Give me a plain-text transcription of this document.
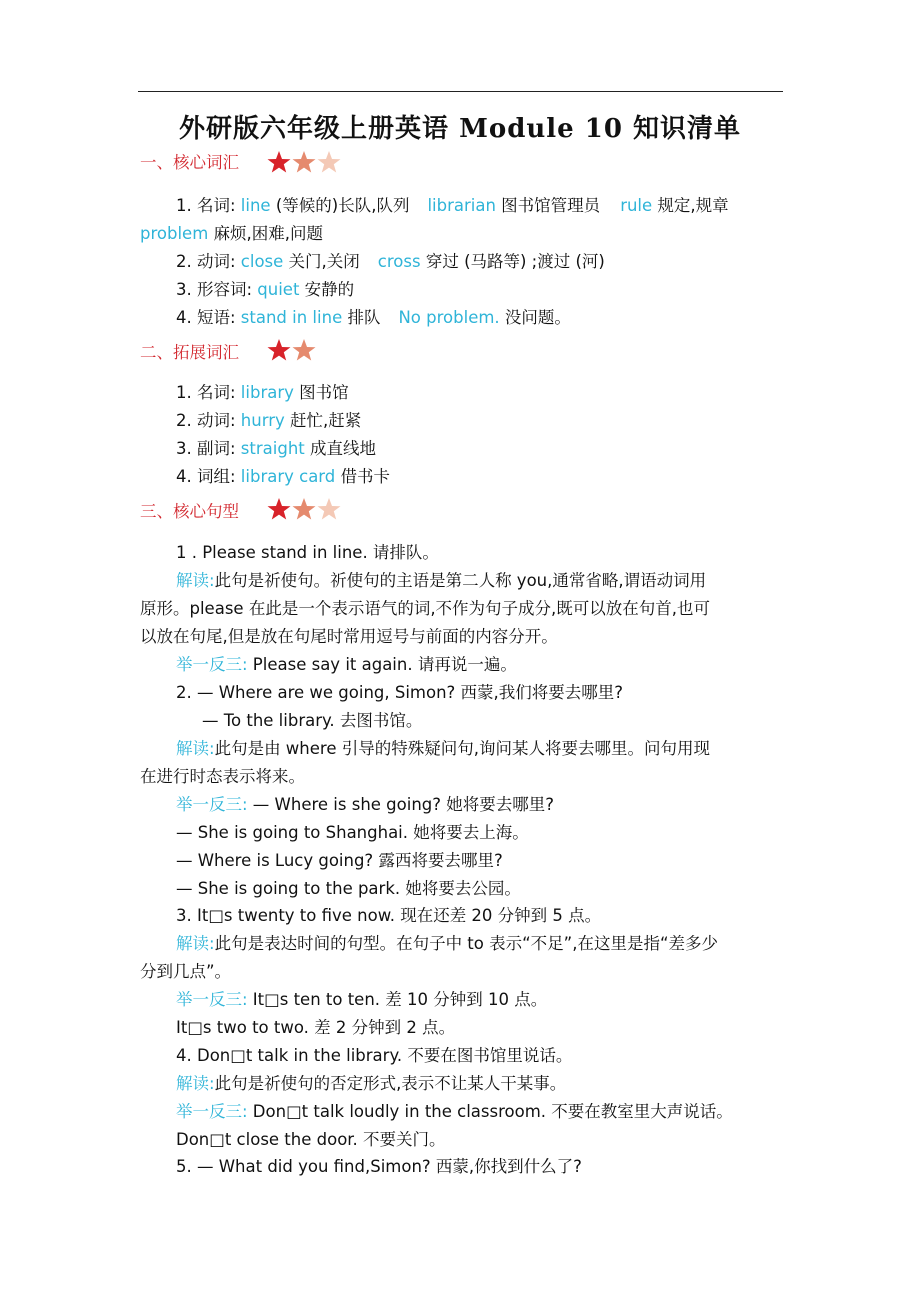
外研版六年级上册英语 Module 10 知识清单
一、核心词汇
1. 名词: line (等候的)长队,队列 librarian 图书馆管理员 rule 规定,规章
problem 麻烦,困难,问题
2. 动词: close 关门,关闭 cross 穿过 (马路等) ;渡过 (河)
3. 形容词: quiet 安静的
4. 短语: stand in line 排队 No problem. 没问题。
二、拓展词汇
1. 名词: library 图书馆
2. 动词: hurry 赶忙,赶紧
3. 副词: straight 成直线地
4. 词组: library card 借书卡
三、核心句型
1 . Please stand in line. 请排队。
解读:此句是祈使句。祈使句的主语是第二人称 you,通常省略,谓语动词用
原形。please 在此是一个表示语气的词,不作为句子成分,既可以放在句首,也可
以放在句尾,但是放在句尾时常用逗号与前面的内容分开。
举一反三: Please say it again. 请再说一遍。
2. — Where are we going, Simon? 西蒙,我们将要去哪里?
— To the library. 去图书馆。
解读:此句是由 where 引导的特殊疑问句,询问某人将要去哪里。问句用现
在进行时态表示将来。
举一反三: — Where is she going? 她将要去哪里?
— She is going to Shanghai. 她将要去上海。
— Where is Lucy going? 露西将要去哪里?
— She is going to the park. 她将要去公园。
3. It□s twenty to five now. 现在还差 20 分钟到 5 点。
解读:此句是表达时间的句型。在句子中 to 表示“不足”,在这里是指“差多少
分到几点”。
举一反三: It□s ten to ten. 差 10 分钟到 10 点。
It□s two to two. 差 2 分钟到 2 点。
4. Don□t talk in the library. 不要在图书馆里说话。
解读:此句是祈使句的否定形式,表示不让某人干某事。
举一反三: Don□t talk loudly in the classroom. 不要在教室里大声说话。
Don□t close the door. 不要关门。
5. — What did you find,Simon? 西蒙,你找到什么了?
